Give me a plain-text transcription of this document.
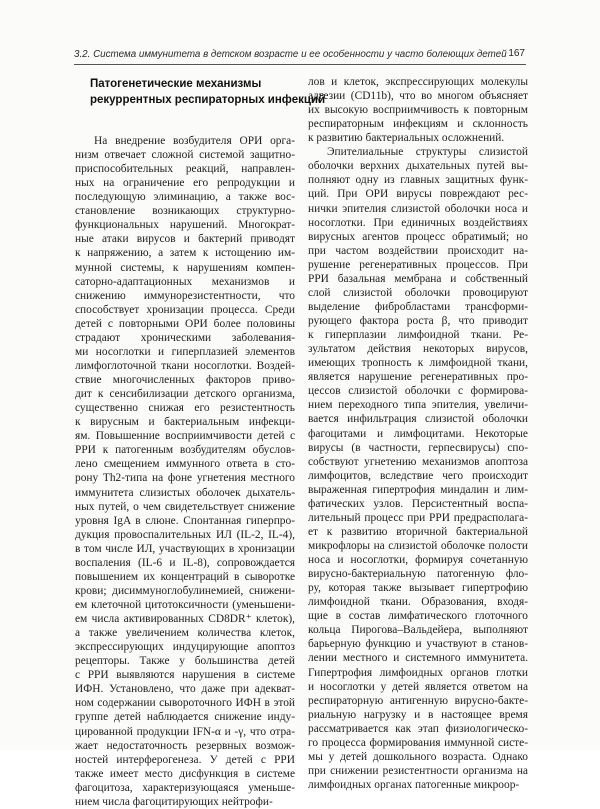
3.2. Система иммунитета в детском возрасте и ее особенности у часто болеющих детей 167
Патогенетические механизмы
рекуррентных респираторных инфекций
На внедрение возбудителя ОРИ орга-
низм отвечает сложной системой защитно-
приспособительных реакций, направлен-
ных на ограничение его репродукции и
последующую элиминацию, а также вос-
становление возникающих структурно-
функциональных нарушений. Многократ-
ные атаки вирусов и бактерий приводят
к напряжению, а затем к истощению им-
мунной системы, к нарушениям компен-
саторно-адаптационных механизмов и
снижению иммунорезистентности, что
способствует хронизации процесса. Среди
детей с повторными ОРИ более половины
страдают хроническими заболевания-
ми носоглотки и гиперплазией элементов
лимфоглоточной ткани носоглотки. Воздей-
ствие многочисленных факторов приво-
дит к сенсибилизации детского организма,
существенно снижая его резистентность
к вирусным и бактериальным инфекци-
ям. Повышенние восприимчивости детей с
РРИ к патогенным возбудителям обуслов-
лено смещением иммунного ответа в сто-
рону Th2-типа на фоне угнетения местного
иммунитета слизистых оболочек дыхатель-
ных путей, о чем свидетельствует снижение
уровня IgA в слюне. Спонтанная гиперпро-
дукция провоспалительных ИЛ (IL-2, IL-4),
в том числе ИЛ, участвующих в хронизации
воспаления (IL-6 и IL-8), сопровождается
повышением их концентраций в сыворотке
крови; дисиммуноглобулинемией, снижени-
ем клеточной цитотоксичности (уменьшени-
ем числа активированных CD8DR⁺ клеток),
а также увеличением количества клеток,
экспрессирующих индуцирующие апоптоз
рецепторы. Также у большинства детей
с РРИ выявляются нарушения в системе
ИФН. Установлено, что даже при адекват-
ном содержании сывороточного ИФН в этой
группе детей наблюдается снижение инду-
цированной продукции IFN-α и -γ, что отра-
жает недостаточность резервных возмож-
ностей интерферогенеза. У детей с РРИ
также имеет место дисфункция в системе
фагоцитоза, характеризующаяся уменьше-
нием числа фагоцитирующих нейтрофи-
лов и клеток, экспрессирующих молекулы
адгезии (CD11b), что во многом объясняет
их высокую восприимчивость к повторным
респираторным инфекциям и склонность
к развитию бактериальных осложнений.
Эпителиальные структуры слизистой
оболочки верхних дыхательных путей вы-
полняют одну из главных защитных функ-
ций. При ОРИ вирусы повреждают рес-
нички эпителия слизистой оболочки носа и
носоглотки. При единичных воздействиях
вирусных агентов процесс обратимый; но
при частом воздействии происходит на-
рушение регенеративных процессов. При
РРИ базальная мембрана и собственный
слой слизистой оболочки провоцируют
выделение фибробластами трансформи-
рующего фактора роста β, что приводит
к гиперплазии лимфоидной ткани. Ре-
зультатом действия некоторых вирусов,
имеющих тропность к лимфоидной ткани,
является нарушение регенеративных про-
цессов слизистой оболочки с формирова-
нием переходного типа эпителия, увеличи-
вается инфильтрация слизистой оболочки
фагоцитами и лимфоцитами. Некоторые
вирусы (в частности, герпесвирусы) спо-
собствуют угнетению механизмов апоптоза
лимфоцитов, вследствие чего происходит
выраженная гипертрофия миндалин и лим-
фатических узлов. Персистентный воспа-
лительный процесс при РРИ предрасполага-
ет к развитию вторичной бактериальной
микрофлоры на слизистой оболочке полости
носа и носоглотки, формируя сочетанную
вирусно-бактериальную патогенную фло-
ру, которая также вызывает гипертрофию
лимфоидной ткани. Образования, входя-
щие в состав лимфатического глоточного
кольца Пирогова–Вальдейера, выполняют
барьерную функцию и участвуют в станов-
лении местного и системного иммунитета.
Гипертрофия лимфоидных органов глотки
и носоглотки у детей является ответом на
респираторную антигенную вирусно-бакте-
риальную нагрузку и в настоящее время
рассматривается как этап физиологическо-
го процесса формирования иммунной систе-
мы у детей дошкольного возраста. Однако
при снижении резистентности организма на
лимфоидных органах патогенные микроор-
